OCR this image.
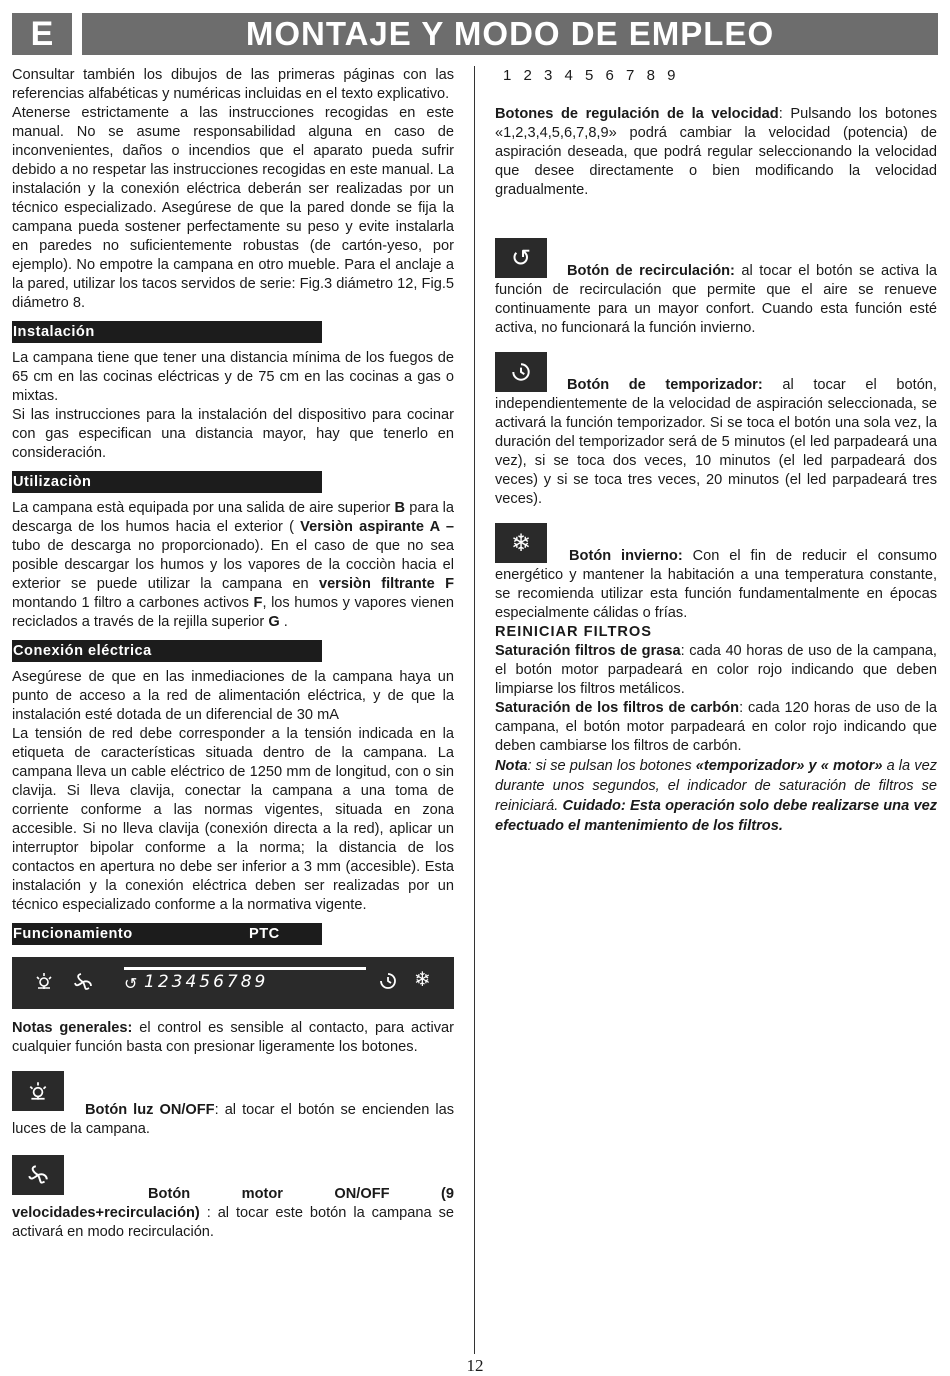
E	MONTAJE Y MODO DE EMPLEO

Consultar también los dibujos de las primeras páginas con las referencias alfabéticas y numéricas incluidas en el texto explicativo.

Atenerse estrictamente a las instrucciones recogidas en este manual. No se asume responsabilidad alguna en caso de inconvenientes, daños o incendios que el aparato pueda sufrir debido a no respetar las instrucciones recogidas en este manual. La instalación y la conexión eléctrica deberán ser realizadas por un técnico especializado. Asegúrese de que la pared donde se fija la campana pueda sostener perfectamente su peso y evite instalarla en paredes no suficientemente robustas (de cartón-yeso, por ejemplo). No empotre la campana en otro mueble. Para el anclaje a la pared, utilizar los tacos servidos de serie: Fig.3 diámetro 12, Fig.5 diámetro 8.

Instalación

La campana tiene que tener una distancia mínima de los fuegos de 65 cm en las cocinas eléctricas y de 75 cm en las cocinas a gas o mixtas.

Si las instrucciones para la instalación del dispositivo para cocinar con gas especifican una distancia mayor, hay que tenerlo en consideración.

Utilizaciòn

La campana està equipada por una salida de aire superior B para la descarga de los humos hacia el exterior ( Versiòn aspirante A – tubo de descarga no proporcionado). En el caso de que no sea posible descargar los humos y los vapores de la cocciòn hacia el exterior se puede utilizar la campana en versiòn filtrante F montando 1 filtro a carbones activos F, los humos y vapores vienen reciclados a través de la rejilla superior G .

Conexión eléctrica

Asegúrese de que en las inmediaciones de la campana haya un punto de acceso a la red de alimentación eléctrica, y de que la instalación esté dotada de un diferencial de 30 mA

La tensión de red debe corresponder a la tensión indicada en la etiqueta de características situada dentro de la campana. La campana lleva un cable eléctrico de 1250 mm de longitud, con o sin clavija. Si lleva clavija, conectar la campana a una toma de corriente conforme a las normas vigentes, situada en zona accesible. Si no lleva clavija (conexión directa a la red), aplicar un interruptor bipolar conforme a la norma; la distancia de los contactos en apertura no debe ser inferior a 3 mm (accesible). Esta instalación y la conexión eléctrica deben ser realizadas por un técnico especializado conforme a la normativa vigente.

Funcionamiento	PTC
↺ 123456789	❄

Notas generales: el control es sensible al contacto, para activar cualquier función basta con presionar ligeramente los botones.

Botón luz ON/OFF: al tocar el botón se encienden las luces de la campana.

Botón motor ON/OFF (9 velocidades+recirculación) : al tocar este botón la campana se activará en modo recirculación.

1 2 3 4 5 6 7 8 9

Botones de regulación de la velocidad: Pulsando los botones «1,2,3,4,5,6,7,8,9» podrá cambiar la velocidad (potencia) de aspiración deseada, que podrá regular seleccionando la velocidad que desee directamente o bien modificando la velocidad gradualmente.

↺	Botón de recirculación: al tocar el botón se activa la función de recirculación que permite que el aire se renueve continuamente para un mayor confort. Cuando esta función esté activa, no funcionará la función invierno.

Botón de temporizador: al tocar el botón, independientemente de la velocidad de aspiración seleccionada, se activará la función temporizador. Si se toca el botón una sola vez, la duración del temporizador será de 5 minutos (el led parpadeará una vez), si se toca dos veces, 10 minutos (el led parpadeará dos veces) y si se toca tres veces, 20 minutos (el led parpadeará tres veces).

❄	Botón invierno: Con el fin de reducir el consumo energético y mantener la habitación a una temperatura constante, se recomienda utilizar esta función fundamentalmente en épocas especialmente cálidas o frías.

REINICIAR FILTROS

Saturación filtros de grasa: cada 40 horas de uso de la campana, el botón motor parpadeará en color rojo indicando que deben limpiarse los filtros metálicos.

Saturación de los filtros de carbón: cada 120 horas de uso de la campana, el botón motor parpadeará en color rojo indicando que deben cambiarse los filtros de carbón.

Nota: si se pulsan los botones «temporizador» y « motor» a la vez durante unos segundos, el indicador de saturación de filtros se reiniciará. Cuidado: Esta operación solo debe realizarse una vez efectuado el mantenimiento de los filtros.

12
